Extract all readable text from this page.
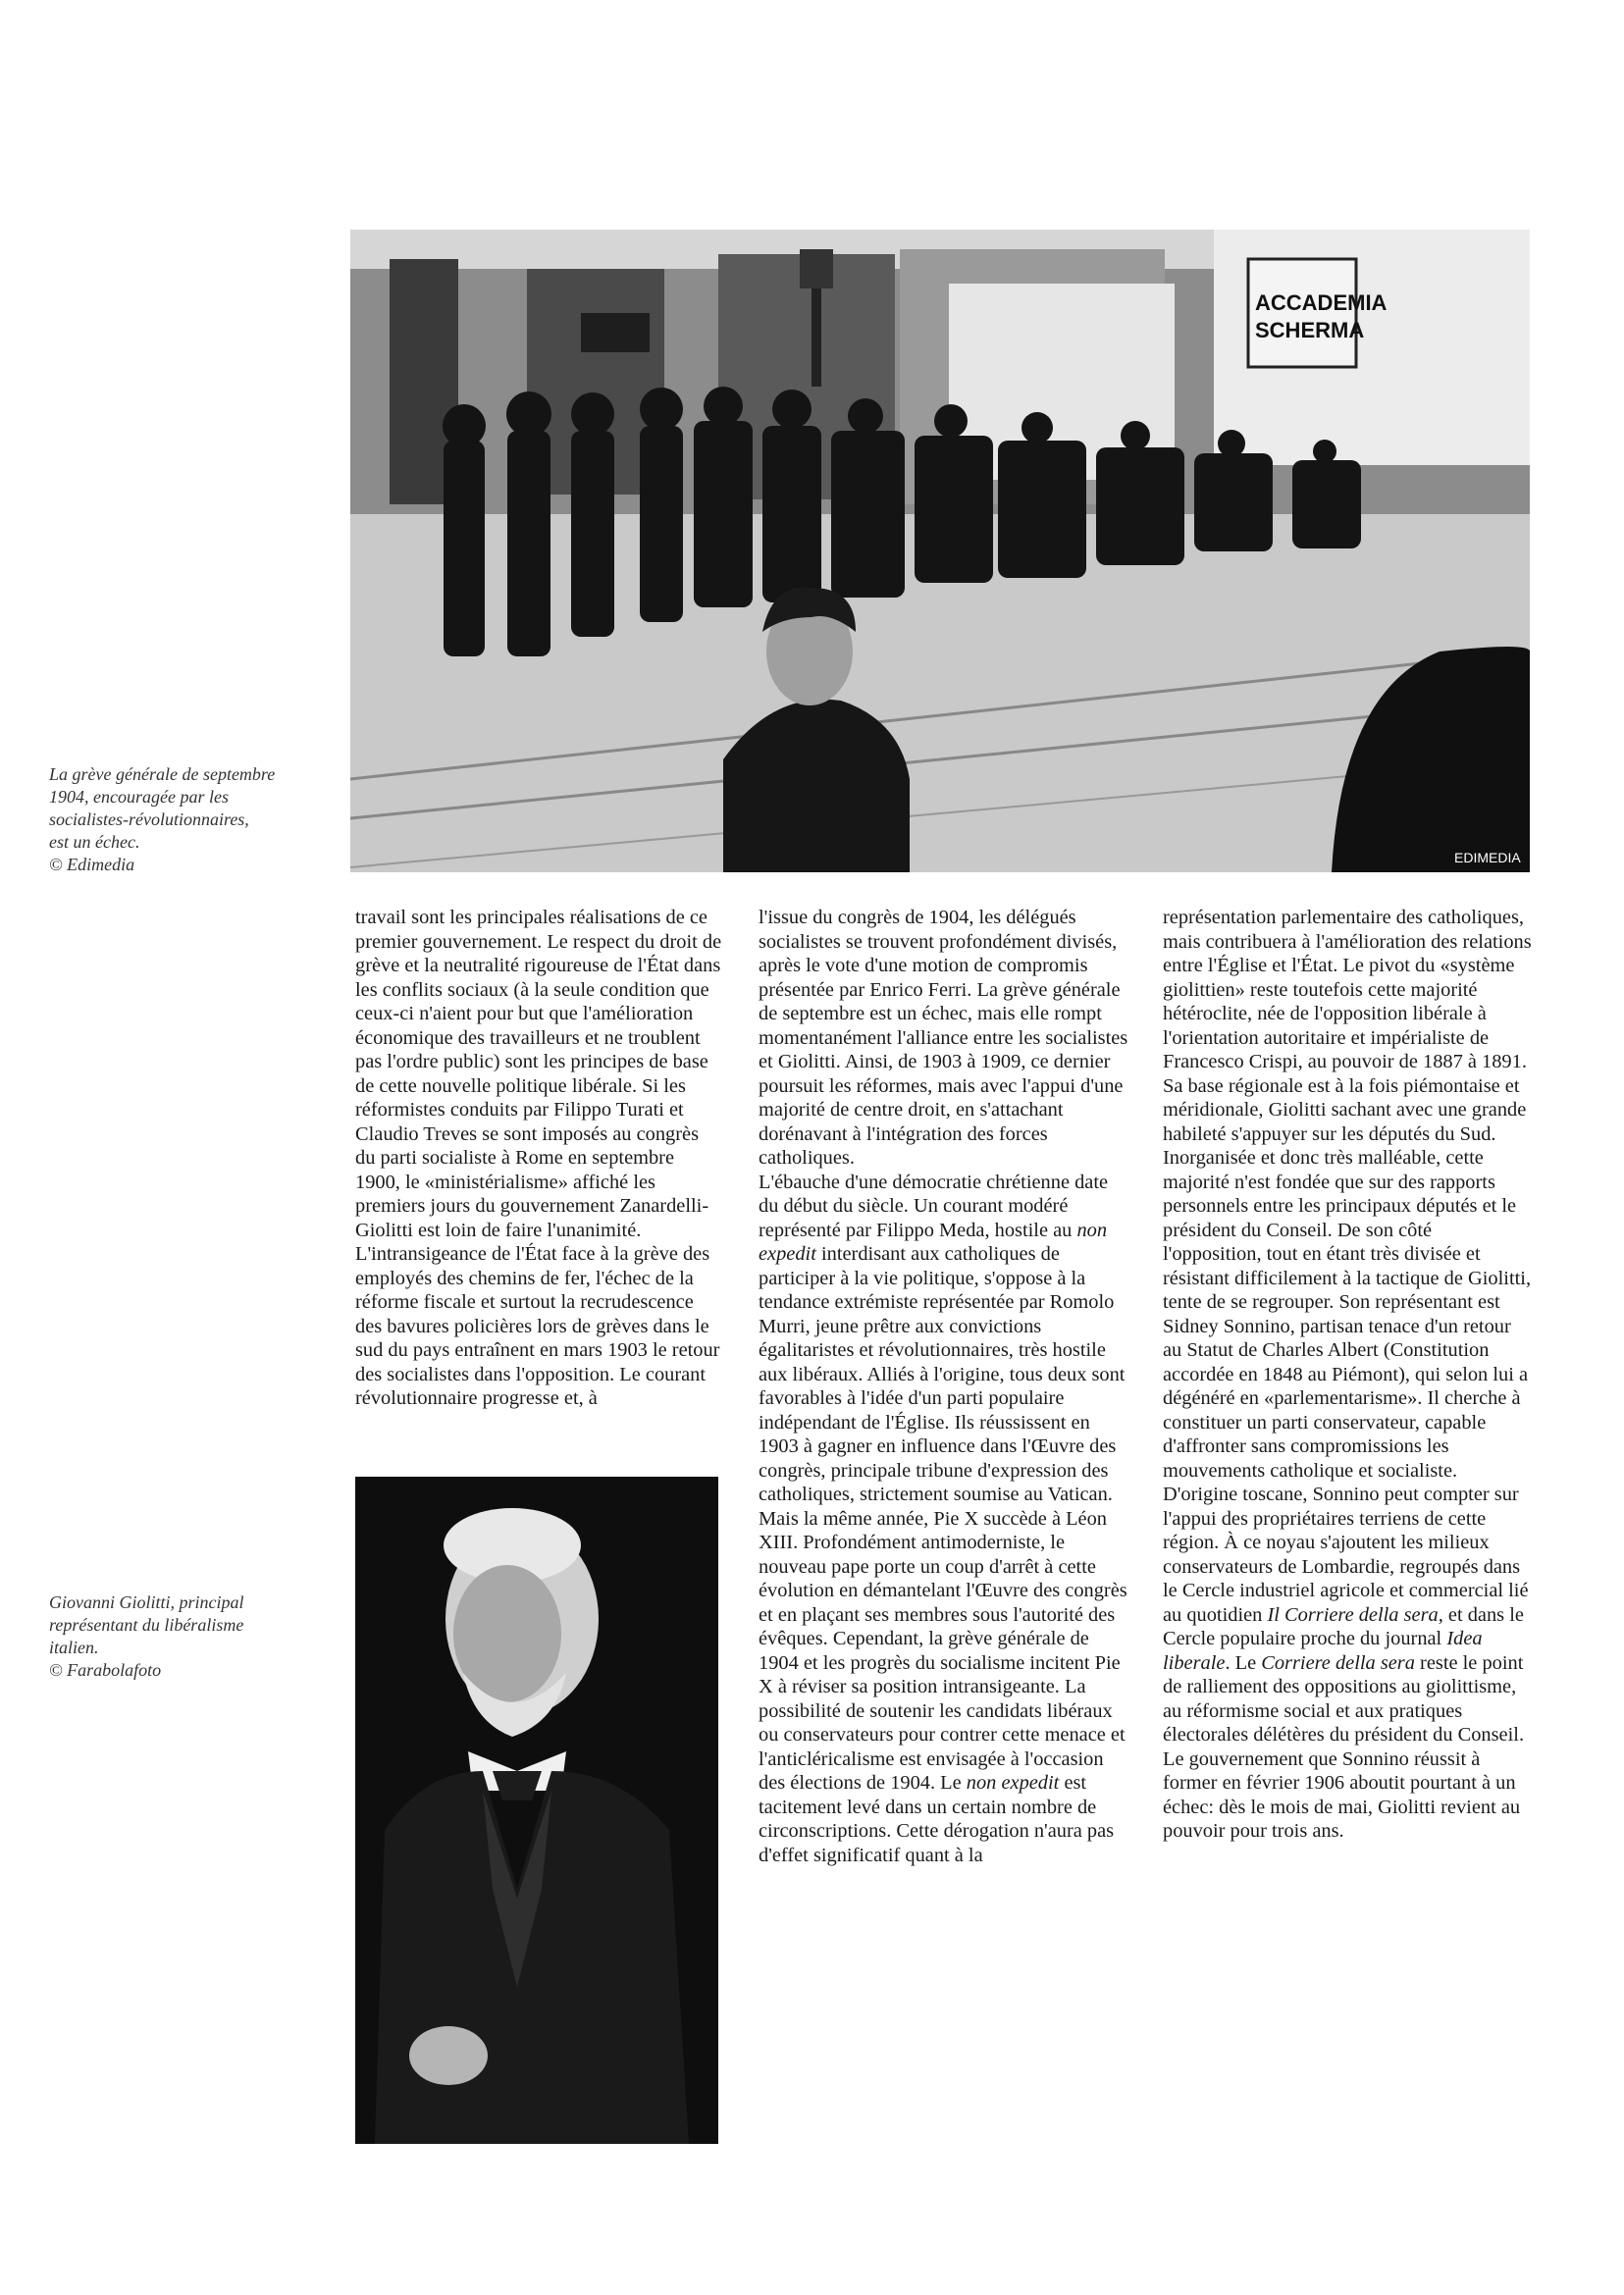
ACCADEMIA
SCHERMA
EDIMEDIA
La grève générale de septembre
1904, encouragée par les
socialistes-révolutionnaires,
est un échec.
© Edimedia

travail sont les principales réalisations de ce premier gouvernement. Le respect du droit de grève et la neutralité rigoureuse de l'État dans les conflits sociaux (à la seule condition que ceux-ci n'aient pour but que l'amélioration économique des travailleurs et ne troublent pas l'ordre public) sont les principes de base de cette nouvelle politique libérale. Si les réformistes conduits par Filippo Turati et Claudio Treves se sont imposés au congrès du parti socialiste à Rome en septembre 1900, le «ministérialisme» affiché les premiers jours du gouvernement Zanardelli-Giolitti est loin de faire l'unanimité.

L'intransigeance de l'État face à la grève des employés des chemins de fer, l'échec de la réforme fiscale et surtout la recrudescence des bavures policières lors de grèves dans le sud du pays entraînent en mars 1903 le retour des socialistes dans l'opposition. Le courant révolutionnaire progresse et, à

Giovanni Giolitti, principal
représentant du libéralisme
italien.
© Farabolafoto

l'issue du congrès de 1904, les délégués socialistes se trouvent profondément divisés, après le vote d'une motion de compromis présentée par Enrico Ferri. La grève générale de septembre est un échec, mais elle rompt momentanément l'alliance entre les socialistes et Giolitti. Ainsi, de 1903 à 1909, ce dernier poursuit les réformes, mais avec l'appui d'une majorité de centre droit, en s'attachant dorénavant à l'intégration des forces catholiques.

L'ébauche d'une démocratie chrétienne date du début du siècle. Un courant modéré représenté par Filippo Meda, hostile au non expedit interdisant aux catholiques de participer à la vie politique, s'oppose à la tendance extrémiste représentée par Romolo Murri, jeune prêtre aux convictions égalitaristes et révolutionnaires, très hostile aux libéraux. Alliés à l'origine, tous deux sont favorables à l'idée d'un parti populaire indépendant de l'Église. Ils réussissent en 1903 à gagner en influence dans l'Œuvre des congrès, principale tribune d'expression des catholiques, strictement soumise au Vatican. Mais la même année, Pie X succède à Léon XIII. Profondément antimoderniste, le nouveau pape porte un coup d'arrêt à cette évolution en démantelant l'Œuvre des congrès et en plaçant ses membres sous l'autorité des évêques. Cependant, la grève générale de 1904 et les progrès du socialisme incitent Pie X à réviser sa position intransigeante. La possibilité de soutenir les candidats libéraux ou conservateurs pour contrer cette menace et l'anticléricalisme est envisagée à l'occasion des élections de 1904. Le non expedit est tacitement levé dans un certain nombre de circonscriptions. Cette dérogation n'aura pas d'effet significatif quant à la

représentation parlementaire des catholiques, mais contribuera à l'amélioration des relations entre l'Église et l'État. Le pivot du «système giolittien» reste toutefois cette majorité hétéroclite, née de l'opposition libérale à l'orientation autoritaire et impérialiste de Francesco Crispi, au pouvoir de 1887 à 1891. Sa base régionale est à la fois piémontaise et méridionale, Giolitti sachant avec une grande habileté s'appuyer sur les députés du Sud. Inorganisée et donc très malléable, cette majorité n'est fondée que sur des rapports personnels entre les principaux députés et le président du Conseil. De son côté l'opposition, tout en étant très divisée et résistant difficilement à la tactique de Giolitti, tente de se regrouper. Son représentant est Sidney Sonnino, partisan tenace d'un retour au Statut de Charles Albert (Constitution accordée en 1848 au Piémont), qui selon lui a dégénéré en «parlementarisme». Il cherche à constituer un parti conservateur, capable d'affronter sans compromissions les mouvements catholique et socialiste. D'origine toscane, Sonnino peut compter sur l'appui des propriétaires terriens de cette région. À ce noyau s'ajoutent les milieux conservateurs de Lombardie, regroupés dans le Cercle industriel agricole et commercial lié au quotidien Il Corriere della sera, et dans le Cercle populaire proche du journal Idea liberale. Le Corriere della sera reste le point de ralliement des oppositions au giolittisme, au réformisme social et aux pratiques électorales délétères du président du Conseil. Le gouvernement que Sonnino réussit à former en février 1906 aboutit pourtant à un échec: dès le mois de mai, Giolitti revient au pouvoir pour trois ans.
